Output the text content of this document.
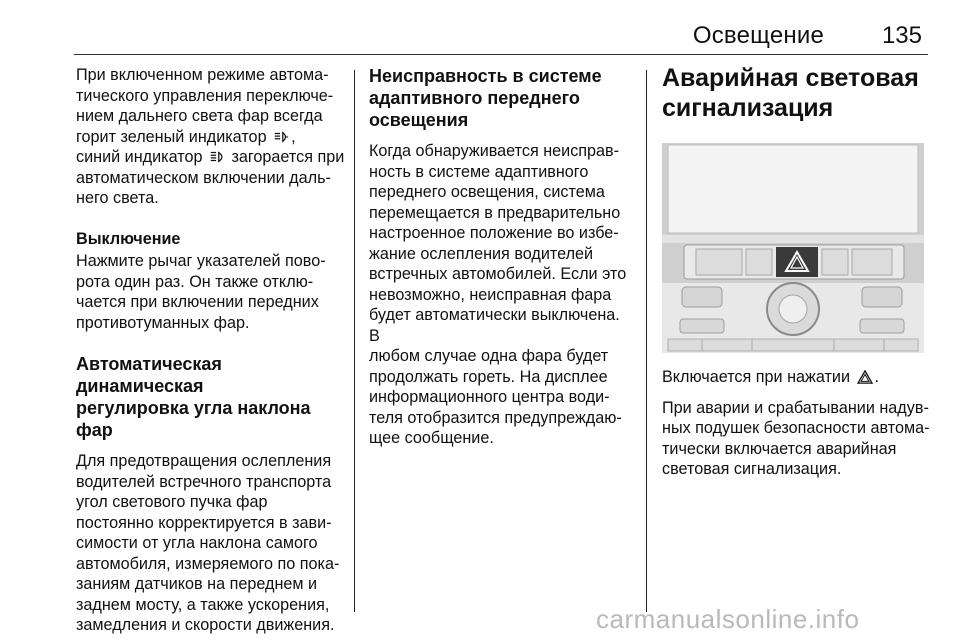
Освещение 135

При включенном режиме автома-

тического управления переключе-

нием дальнего света фар всегда

горит зеленый индикатор ,

синий индикатор загорается при

автоматическом включении даль-

него света.

Выключение

Нажмите рычаг указателей пово-

рота один раз. Он также отклю-

чается при включении передних

противотуманных фар.

Автоматическая динамическая

регулировка угла наклона фар

Для предотвращения ослепления

водителей встречного транспорта

угол светового пучка фар

постоянно корректируется в зави-

симости от угла наклона самого

автомобиля, измеряемого по пока-

заниям датчиков на переднем и

заднем мосту, а также ускорения,

замедления и скорости движения.

Неисправность в системе

адаптивного переднего

освещения

Когда обнаруживается неисправ-

ность в системе адаптивного

переднего освещения, система

перемещается в предварительно

настроенное положение во избе-

жание ослепления водителей

встречных автомобилей. Если это

невозможно, неисправная фара

будет автоматически выключена. В

любом случае одна фара будет

продолжать гореть. На дисплее

информационного центра води-

теля отобразится предупреждаю-

щее сообщение.

Аварийная световая

сигнализация

Включается при нажатии .

При аварии и срабатывании надув-

ных подушек безопасности автома-

тически включается аварийная

световая сигнализация.

carmanualsonline.info
